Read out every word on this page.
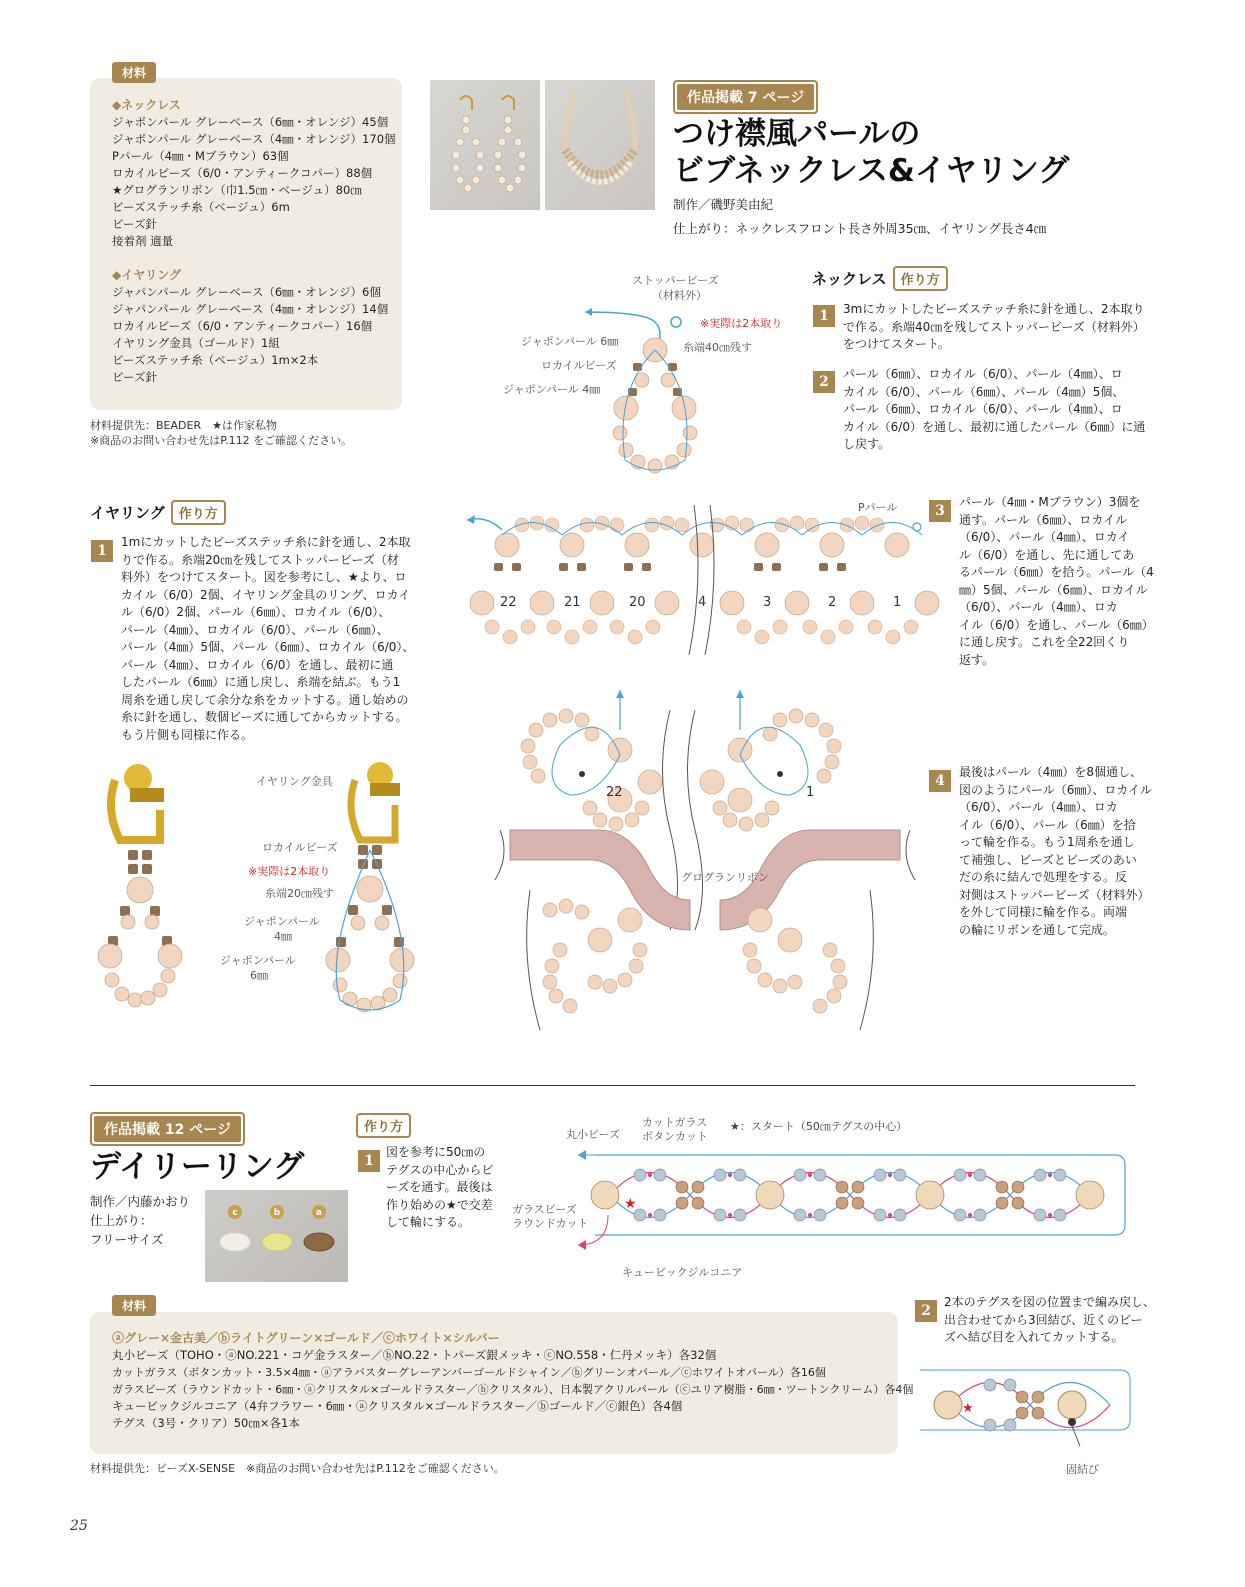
材料
◆ネックレス
ジャポンパール グレーベース（6㎜・オレンジ）45個
ジャポンパール グレーベース（4㎜・オレンジ）170個
Pパール（4㎜・Mブラウン）63個
ロカイルビーズ（6/0・アンティークコパー）88個
★グログランリボン（巾1.5㎝・ベージュ）80㎝
ビーズステッチ糸（ベージュ）6m
ビーズ針
接着剤 適量
◆イヤリング
ジャパンパール グレーベース（6㎜・オレンジ）6個
ジャパンパール グレーベース（4㎜・オレンジ）14個
ロカイルビーズ（6/0・アンティークコパー）16個
イヤリング金具（ゴールド）1組
ビーズステッチ糸（ベージュ）1m×2本
ビーズ針
材料提供先：BEADER　★は作家私物
※商品のお問い合わせ先はP.112 をご確認ください。
作品掲載 7 ページ
つけ襟風パールの
ビブネックレス&イヤリング
制作／磯野美由紀
仕上がり：ネックレスフロント長さ外周35㎝、イヤリング長さ4㎝
ストッパービーズ
（材料外）
※実際は2本取り
ジャポンパール 6㎜	糸端40㎝残す
ロカイルビーズ
ジャポンパール 4㎜
ネックレス 作り方
1	3mにカットしたビーズステッチ糸に針を通し、2本取り
で作る。糸端40㎝を残してストッパービーズ（材料外）
をつけてスタート。
2	パール（6㎜）、ロカイル（6/0）、パール（4㎜）、ロ
カイル（6/0）、パール（6㎜）、パール（4㎜）5個、
パール（6㎜）、ロカイル（6/0）、パール（4㎜）、ロ
カイル（6/0）を通し、最初に通したパール（6㎜）に通
し戻す。
イヤリング 作り方
1
1mにカットしたビーズステッチ糸に針を通し、2本取
りで作る。糸端20㎝を残してストッパービーズ（材
料外）をつけてスタート。図を参考にし、★より、ロ
カイル（6/0）2個、イヤリング金具のリング、ロカイ
ル（6/0）2個、パール（6㎜）、ロカイル（6/0）、
パール（4㎜）、ロカイル（6/0）、パール（6㎜）、
パール（4㎜）5個、パール（6㎜）、ロカイル（6/0）、
パール（4㎜）、ロカイル（6/0）を通し、最初に通
したパール（6㎜）に通し戻し、糸端を結ぶ。もう1
周糸を通し戻して余分な糸をカットする。通し始めの
糸に針を通し、数個ビーズに通してからカットする。
もう片側も同様に作る。
イヤリング金具
ロカイルビーズ
※実際は2本取り
糸端20㎝残す
ジャポンパール
4㎜
ジャポンパール
6㎜
Pパール
22	21	20	4	3	2	1
3
パール（4㎜・Mブラウン）3個を
通す。パール（6㎜）、ロカイル
（6/0）、パール（4㎜）、ロカイ
ル（6/0）を通し、先に通してあ
るパール（6㎜）を拾う。パール（4
㎜）5個、パール（6㎜）、ロカイル
（6/0）、パール（4㎜）、ロカ
イル（6/0）を通し、パール（6㎜）
に通し戻す。これを全22回くり
返す。
22	1
グログランリボン
4
最後はパール（4㎜）を8個通し、
図のようにパール（6㎜）、ロカイル
（6/0）、パール（4㎜）、ロカ
イル（6/0）、パール（6㎜）を拾
って輪を作る。もう1周糸を通し
て補強し、ビーズとビーズのあい
だの糸に結んで処理をする。反
対側はストッパービーズ（材料外）
を外して同様に輪を作る。両端
の輪にリボンを通して完成。
作品掲載 12 ページ
デイリーリング
制作／内藤かおり
仕上がり：
フリーサイズ
c	b	a
作り方
1
図を参考に50㎝の
テグスの中心からビ
ーズを通す。最後は
作り始めの★で交差
して輪にする。
★
丸小ビーズ
カットガラス
ボタンカット
★：スタート（50㎝テグスの中心）
ガラスビーズ
ラウンドカット
キュービックジルコニア
2
2本のテグスを図の位置まで編み戻し、
出合わせてから3回結び、近くのビー
ズへ結び目を入れてカットする。
★
固結び
材料
ⓐグレー×金古美／ⓑライトグリーン×ゴールド／ⓒホワイト×シルバー
丸小ビーズ（TOHO・ⓐNO.221・コゲ金ラスター／ⓑNO.22・トパーズ銀メッキ・ⓒNO.558・仁丹メッキ）各32個
カットガラス（ボタンカット・3.5×4㎜・ⓐアラバスターグレーアンバーゴールドシャイン／ⓑグリーンオパール／ⓒホワイトオパール）各16個
ガラスビーズ（ラウンドカット・6㎜・ⓐクリスタル×ゴールドラスター／ⓑクリスタル）、日本製アクリルパール（ⓒユリア樹脂・6㎜・ツートンクリーム）各4個
キュービックジルコニア（4弁フラワー・6㎜・ⓐクリスタル×ゴールドラスター／ⓑゴールド／ⓒ銀色）各4個
テグス（3号・クリア）50㎝×各1本
材料提供先：ビーズX-SENSE　※商品のお問い合わせ先はP.112をご確認ください。
25
